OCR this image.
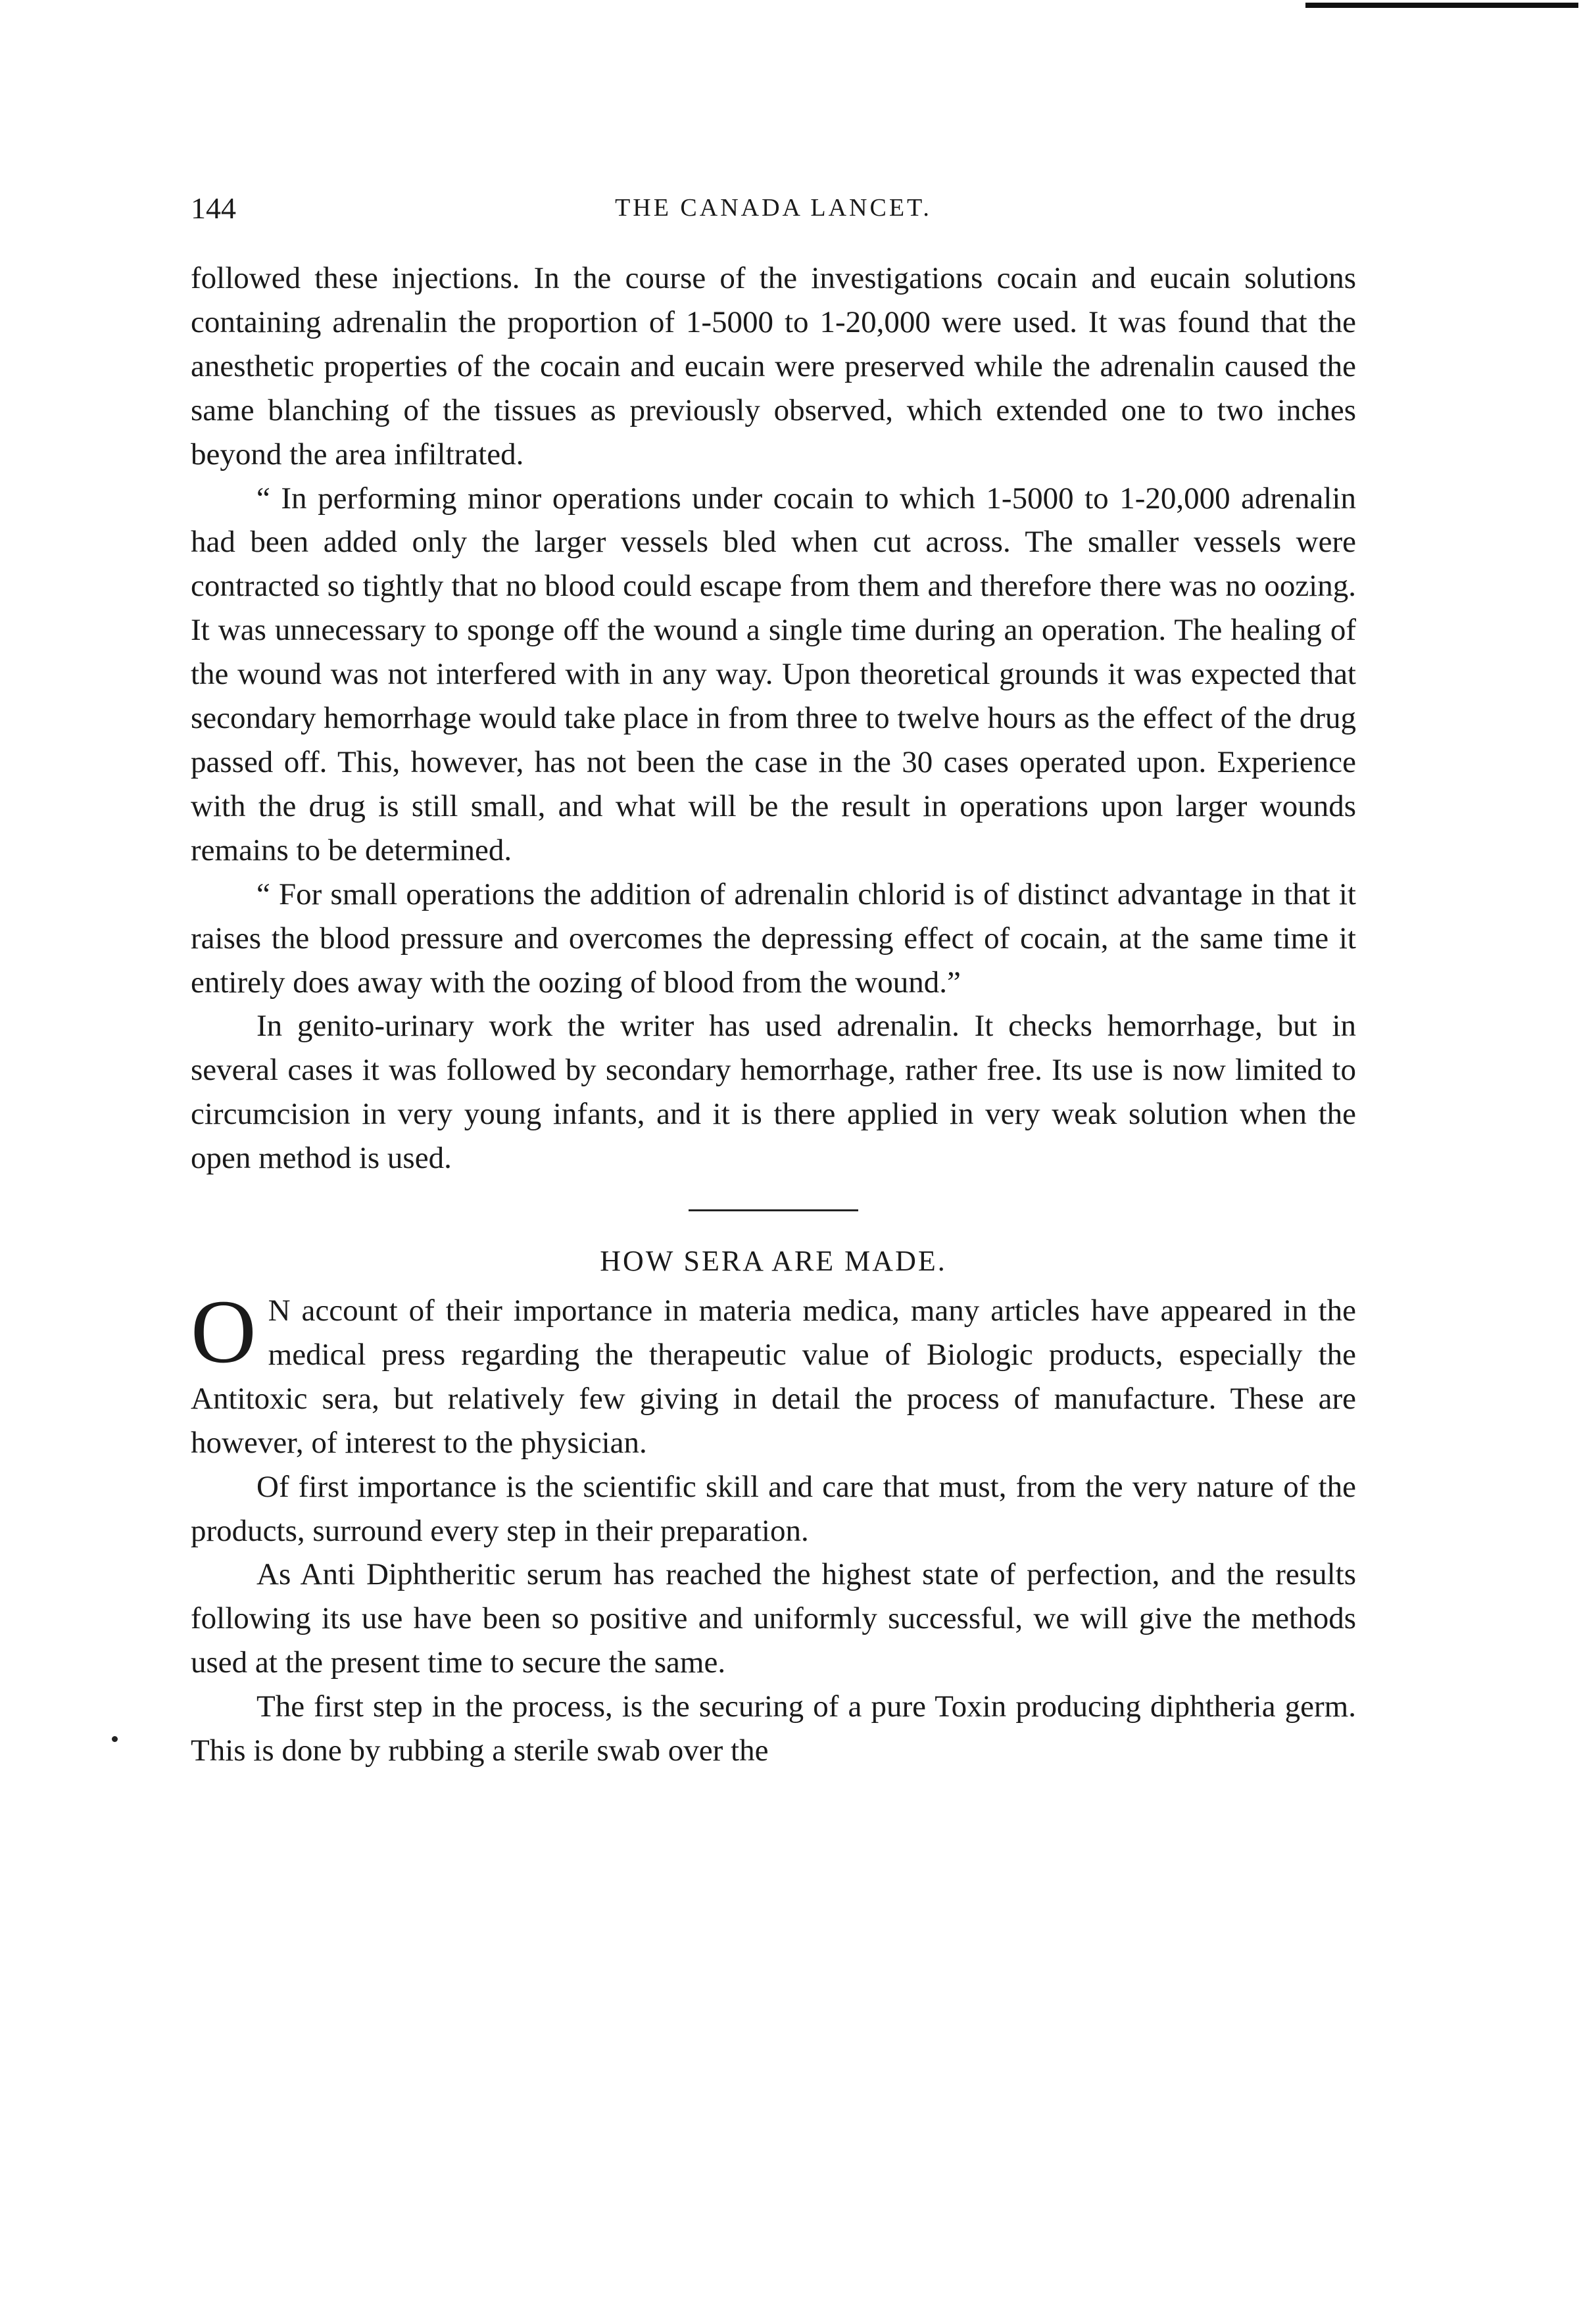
144	THE CANADA LANCET.

followed these injections. In the course of the investigations cocain and eucain solutions containing adrenalin the proportion of 1-5000 to 1-20,000 were used. It was found that the anesthetic properties of the cocain and eucain were preserved while the adrenalin caused the same blanching of the tissues as previously observed, which extended one to two inches beyond the area infiltrated.

“ In performing minor operations under cocain to which 1-5000 to 1-20,000 adrenalin had been added only the larger vessels bled when cut across. The smaller vessels were contracted so tightly that no blood could escape from them and therefore there was no oozing. It was unnecessary to sponge off the wound a single time during an operation. The healing of the wound was not interfered with in any way. Upon theoretical grounds it was expected that secondary hemorrhage would take place in from three to twelve hours as the effect of the drug passed off. This, however, has not been the case in the 30 cases operated upon. Experience with the drug is still small, and what will be the result in operations upon larger wounds remains to be determined.

“ For small operations the addition of adrenalin chlorid is of distinct advantage in that it raises the blood pressure and overcomes the depressing effect of cocain, at the same time it entirely does away with the oozing of blood from the wound.”

In genito-urinary work the writer has used adrenalin. It checks hemorrhage, but in several cases it was followed by secondary hemorrhage, rather free. Its use is now limited to circumcision in very young infants, and it is there applied in very weak solution when the open method is used.

HOW SERA ARE MADE.

O N account of their importance in materia medica, many articles have appeared in the medical press regarding the therapeutic value of Biologic products, especially the Antitoxic sera, but relatively few giving in detail the process of manufacture. These are however, of interest to the physician.

Of first importance is the scientific skill and care that must, from the very nature of the products, surround every step in their preparation.

As Anti Diphtheritic serum has reached the highest state of perfection, and the results following its use have been so positive and uniformly successful, we will give the methods used at the present time to secure the same.

The first step in the process, is the securing of a pure Toxin producing diphtheria germ. This is done by rubbing a sterile swab over the
